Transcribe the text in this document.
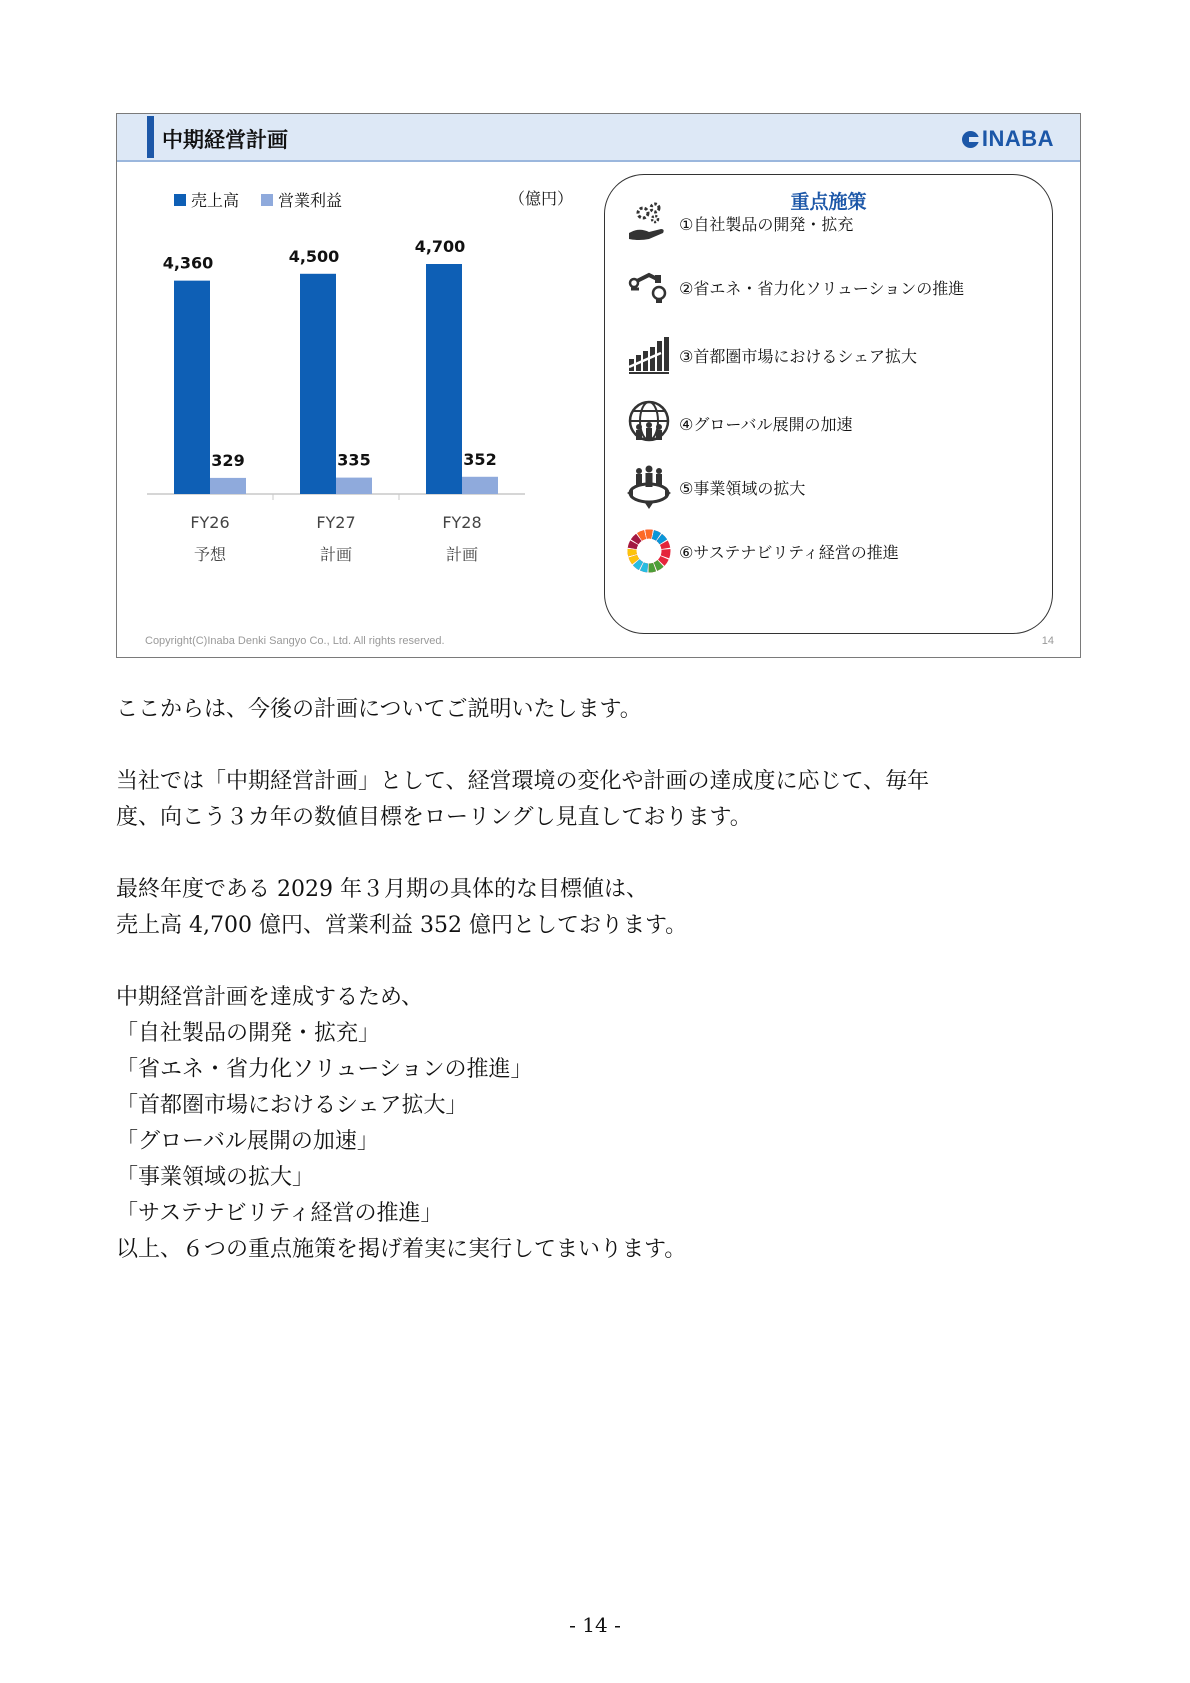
中期経営計画	INABA
売上高 営業利益	（億円）
4,360
329
FY26
予想
4,500
335
FY27
計画
4,700
352
FY28
計画
重点施策
①自社製品の開発・拡充
②省エネ・省力化ソリューションの推進
③首都圏市場におけるシェア拡大
④グローバル展開の加速
⑤事業領域の拡大
⑥サステナビリティ経営の推進
Copyright(C)Inaba Denki Sangyo Co., Ltd. All rights reserved.	14

ここからは、今後の計画についてご説明いたします。

当社では「中期経営計画」として、経営環境の変化や計画の達成度に応じて、毎年

度、向こう３カ年の数値目標をローリングし見直しております。

最終年度である 2029 年３月期の具体的な目標値は、

売上高 4,700 億円、営業利益 352 億円としております。

中期経営計画を達成するため、

「自社製品の開発・拡充」

「省エネ・省力化ソリューションの推進」

「首都圏市場におけるシェア拡大」

「グローバル展開の加速」

「事業領域の拡大」

「サステナビリティ経営の推進」

以上、６つの重点施策を掲げ着実に実行してまいります。

- 14 -
